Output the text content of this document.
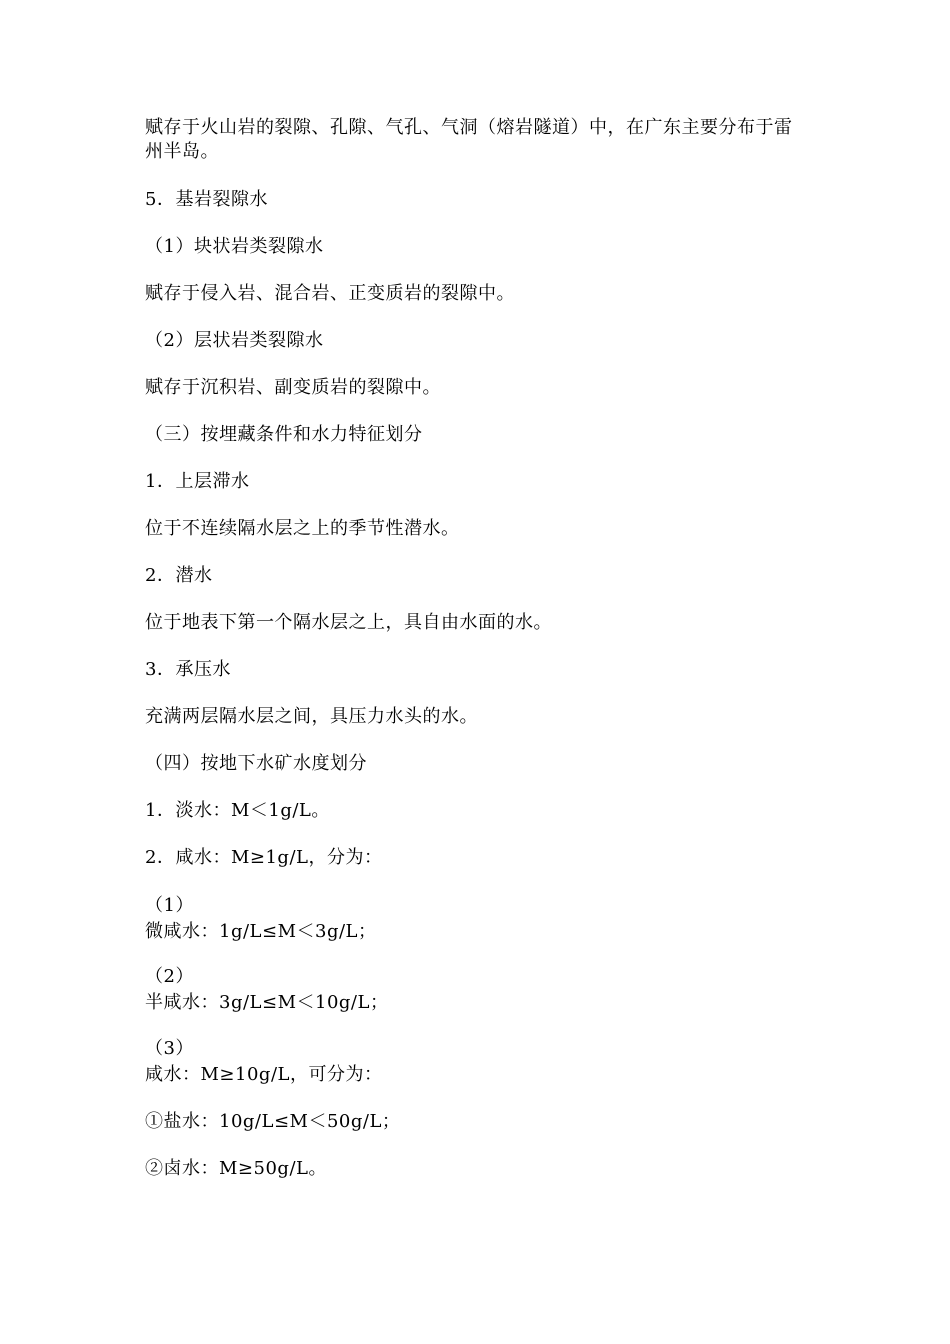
赋存于火山岩的裂隙、孔隙、气孔、气洞（熔岩隧道）中，在广东主要分布于雷
州半岛。
5．基岩裂隙水
（1）块状岩类裂隙水
赋存于侵入岩、混合岩、正变质岩的裂隙中。
（2）层状岩类裂隙水
赋存于沉积岩、副变质岩的裂隙中。
（三）按埋藏条件和水力特征划分
1．上层滞水
位于不连续隔水层之上的季节性潜水。
2．潜水
位于地表下第一个隔水层之上，具自由水面的水。
3．承压水
充满两层隔水层之间，具压力水头的水。
（四）按地下水矿水度划分
1．淡水：M＜1g/L。
2．咸水：M≥1g/L，分为：
（1）
微咸水：1g/L≤M＜3g/L；
（2）
半咸水：3g/L≤M＜10g/L；
（3）
咸水：M≥10g/L，可分为：
①盐水：10g/L≤M＜50g/L；
②卤水：M≥50g/L。
